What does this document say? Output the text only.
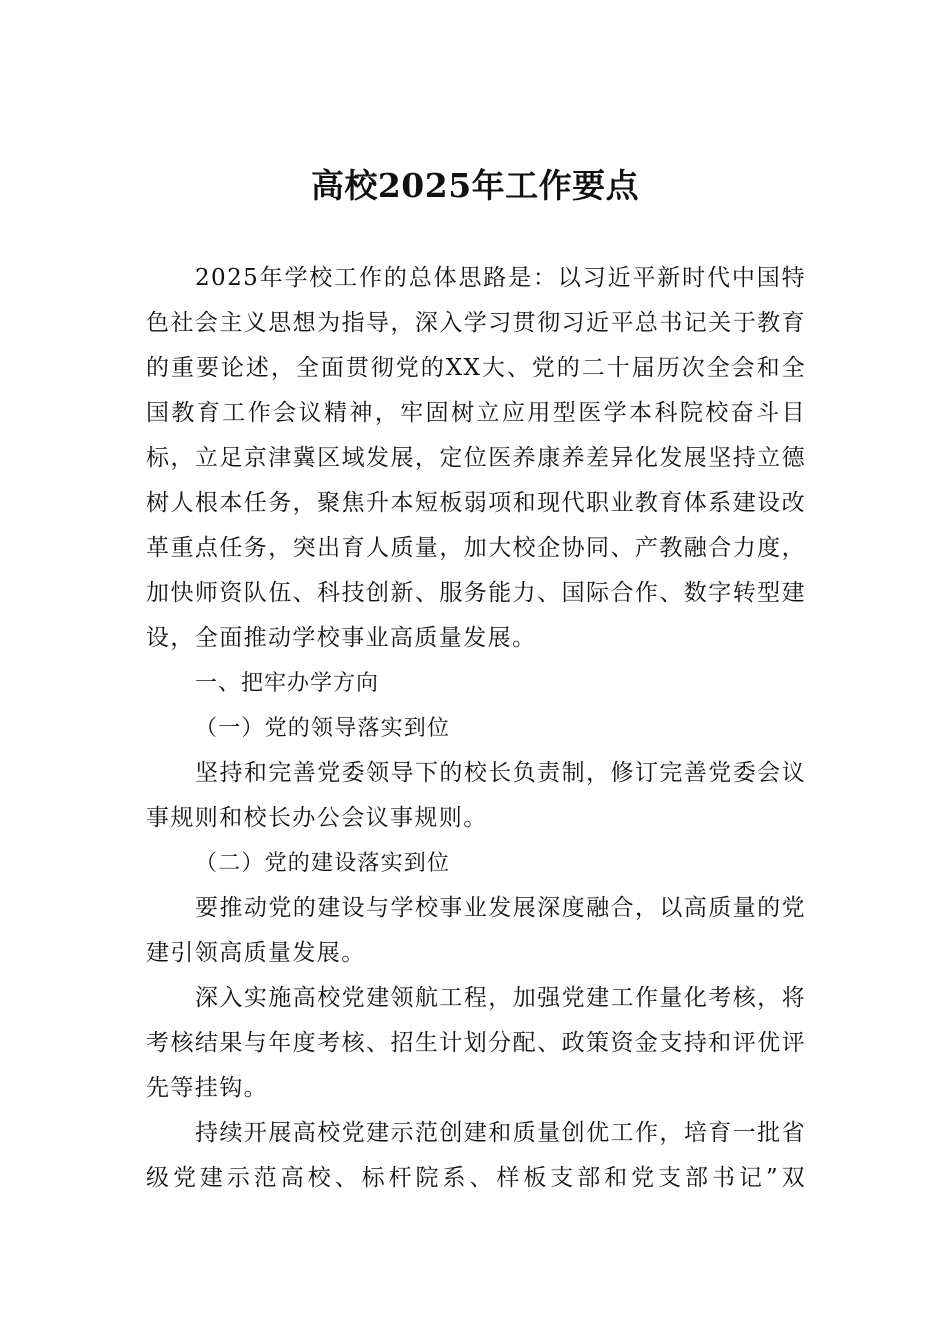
高校2025年工作要点

2025年学校工作的总体思路是：以习近平新时代中国特色社会主义思想为指导，深入学习贯彻习近平总书记关于教育的重要论述，全面贯彻党的XX大、党的二十届历次全会和全国教育工作会议精神，牢固树立应用型医学本科院校奋斗目标，立足京津冀区域发展，定位医养康养差异化发展坚持立德树人根本任务，聚焦升本短板弱项和现代职业教育体系建设改革重点任务，突出育人质量，加大校企协同、产教融合力度，加快师资队伍、科技创新、服务能力、国际合作、数字转型建设，全面推动学校事业高质量发展。

一、把牢办学方向

（一）党的领导落实到位

坚持和完善党委领导下的校长负责制，修订完善党委会议事规则和校长办公会议事规则。

（二）党的建设落实到位

要推动党的建设与学校事业发展深度融合，以高质量的党建引领高质量发展。

深入实施高校党建领航工程，加强党建工作量化考核，将考核结果与年度考核、招生计划分配、政策资金支持和评优评先等挂钩。

持续开展高校党建示范创建和质量创优工作，培育一批省级党建示范高校、标杆院系、样板支部和党支部书记”双
